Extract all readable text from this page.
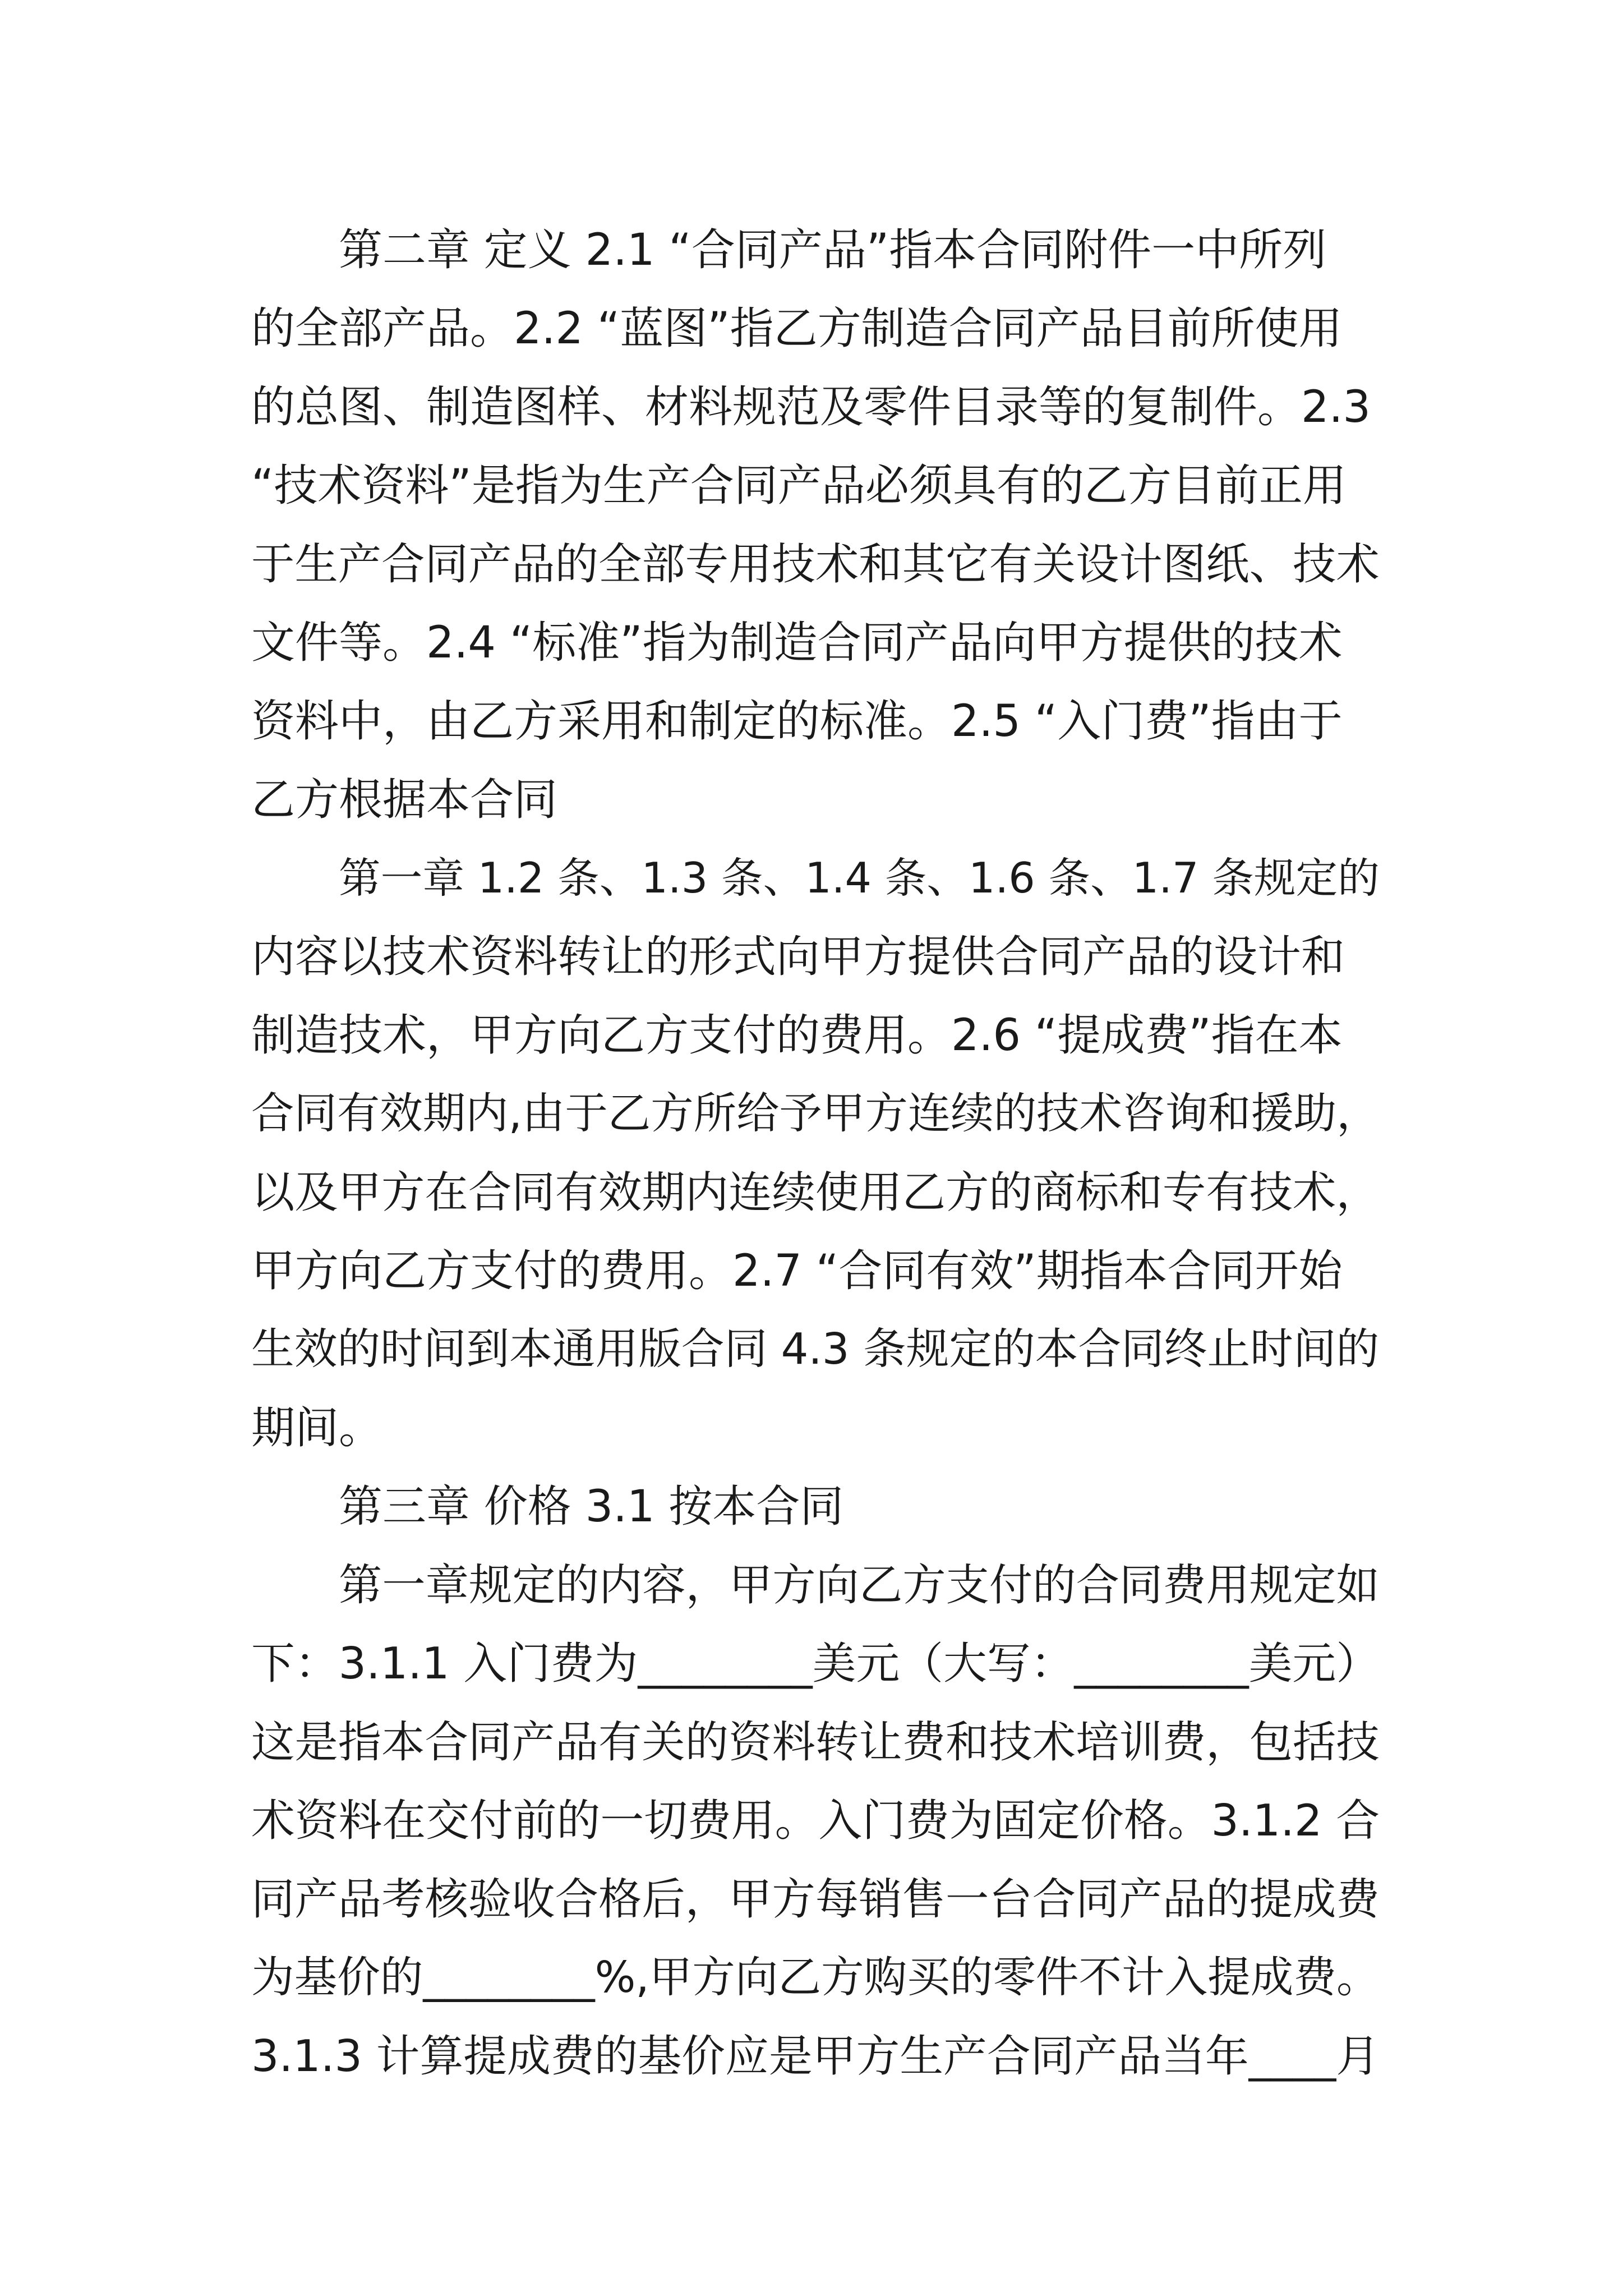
第二章 定义 2.1 “合同产品”指本合同附件一中所列
的全部产品。2.2 “蓝图”指乙方制造合同产品目前所使用
的总图、制造图样、材料规范及零件目录等的复制件。2.3
“技术资料”是指为生产合同产品必须具有的乙方目前正用
于生产合同产品的全部专用技术和其它有关设计图纸、技术
文件等。2.4 “标准”指为制造合同产品向甲方提供的技术
资料中，由乙方采用和制定的标准。2.5 “入门费”指由于
乙方根据本合同
第一章 1.2 条、1.3 条、1.4 条、1.6 条、1.7 条规定的
内容以技术资料转让的形式向甲方提供合同产品的设计和
制造技术，甲方向乙方支付的费用。2.6 “提成费”指在本
合同有效期内,由于乙方所给予甲方连续的技术咨询和援助，
以及甲方在合同有效期内连续使用乙方的商标和专有技术，
甲方向乙方支付的费用。2.7 “合同有效”期指本合同开始
生效的时间到本通用版合同 4.3 条规定的本合同终止时间的
期间。
第三章 价格 3.1 按本合同
第一章规定的内容，甲方向乙方支付的合同费用规定如
下：3.1.1 入门费为________美元（大写：________美元）
这是指本合同产品有关的资料转让费和技术培训费，包括技
术资料在交付前的一切费用。入门费为固定价格。3.1.2 合
同产品考核验收合格后，甲方每销售一台合同产品的提成费
为基价的________%,甲方向乙方购买的零件不计入提成费。
3.1.3 计算提成费的基价应是甲方生产合同产品当年____月
